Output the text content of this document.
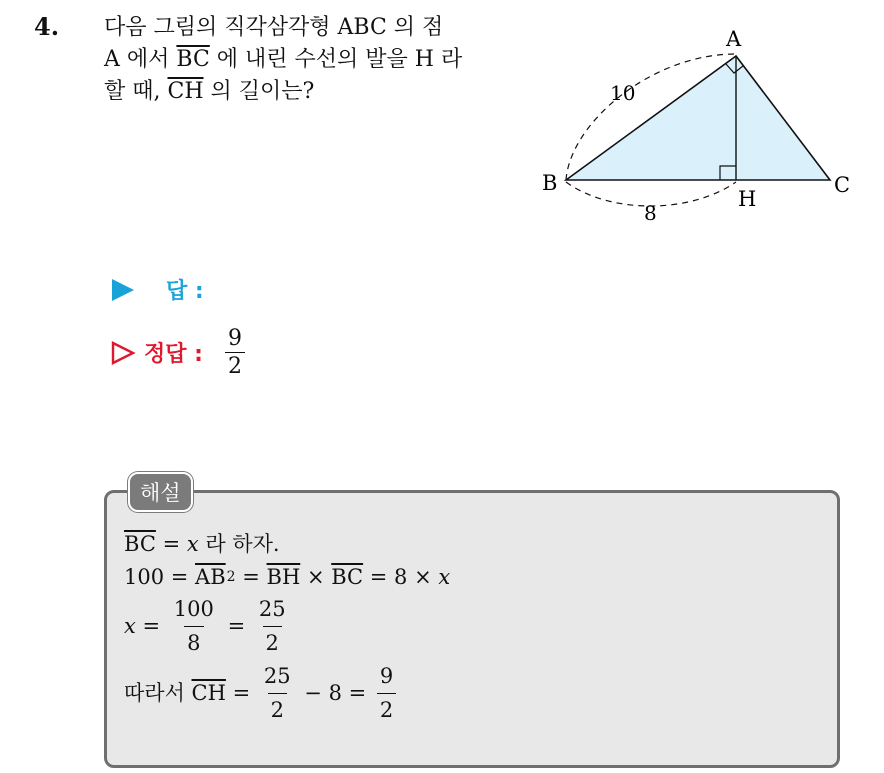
4. 다음 그림의 직각삼각형 ABC 의 점
A 에서 $\overline{BC}$ 에 내린 수선의 발을 H 라
할 때, $\overline{CH}$ 의 길이는?
A
B	C
H
10
8
답 :
정답 : $\frac{9}{2}$
해설
$\overline{BC} = x$ 라 하자.
$100 = \overline{AB}$ $2 = \overline{BH} \times \overline{BC} = 8 \times x$
$x = \frac{100}{8} = \frac{25}{2}$
따라서 $\overline{CH} = \frac{25}{2} - 8 = \frac{9}{2}$
